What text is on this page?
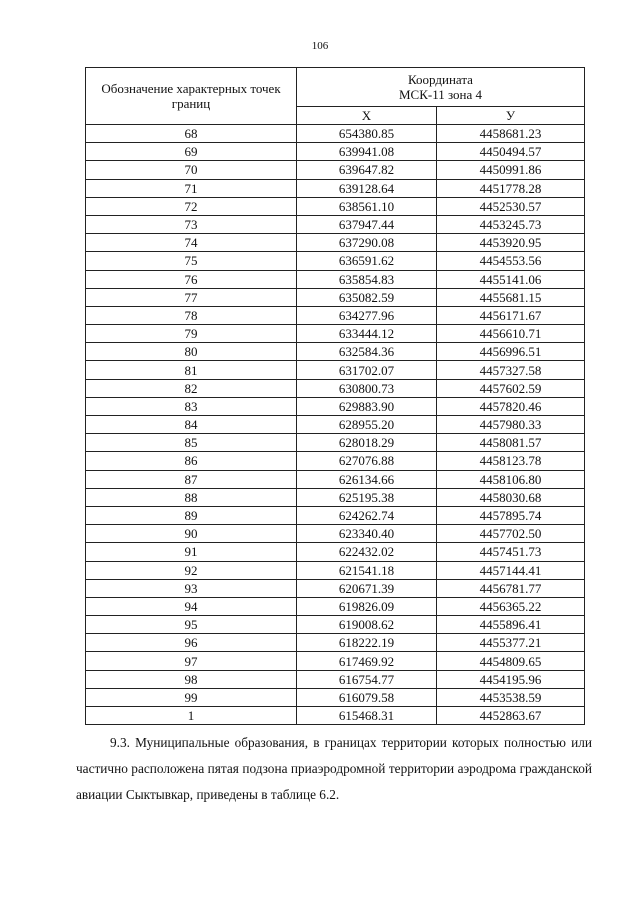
106
Обозначение характерных точек границ	Координата
МСК-11 зона 4	

	X	У
68	654380.85	4458681.23
69	639941.08	4450494.57
70	639647.82	4450991.86
71	639128.64	4451778.28
72	638561.10	4452530.57
73	637947.44	4453245.73
74	637290.08	4453920.95
75	636591.62	4454553.56
76	635854.83	4455141.06
77	635082.59	4455681.15
78	634277.96	4456171.67
79	633444.12	4456610.71
80	632584.36	4456996.51
81	631702.07	4457327.58
82	630800.73	4457602.59
83	629883.90	4457820.46
84	628955.20	4457980.33
85	628018.29	4458081.57
86	627076.88	4458123.78
87	626134.66	4458106.80
88	625195.38	4458030.68
89	624262.74	4457895.74
90	623340.40	4457702.50
91	622432.02	4457451.73
92	621541.18	4457144.41
93	620671.39	4456781.77
94	619826.09	4456365.22
95	619008.62	4455896.41
96	618222.19	4455377.21
97	617469.92	4454809.65
98	616754.77	4454195.96
99	616079.58	4453538.59
1	615468.31	4452863.67

9.3. Муниципальные образования, в границах территории которых полностью или частично расположена пятая подзона приаэродромной территории аэродрома гражданской авиации Сыктывкар, приведены в таблице 6.2.
